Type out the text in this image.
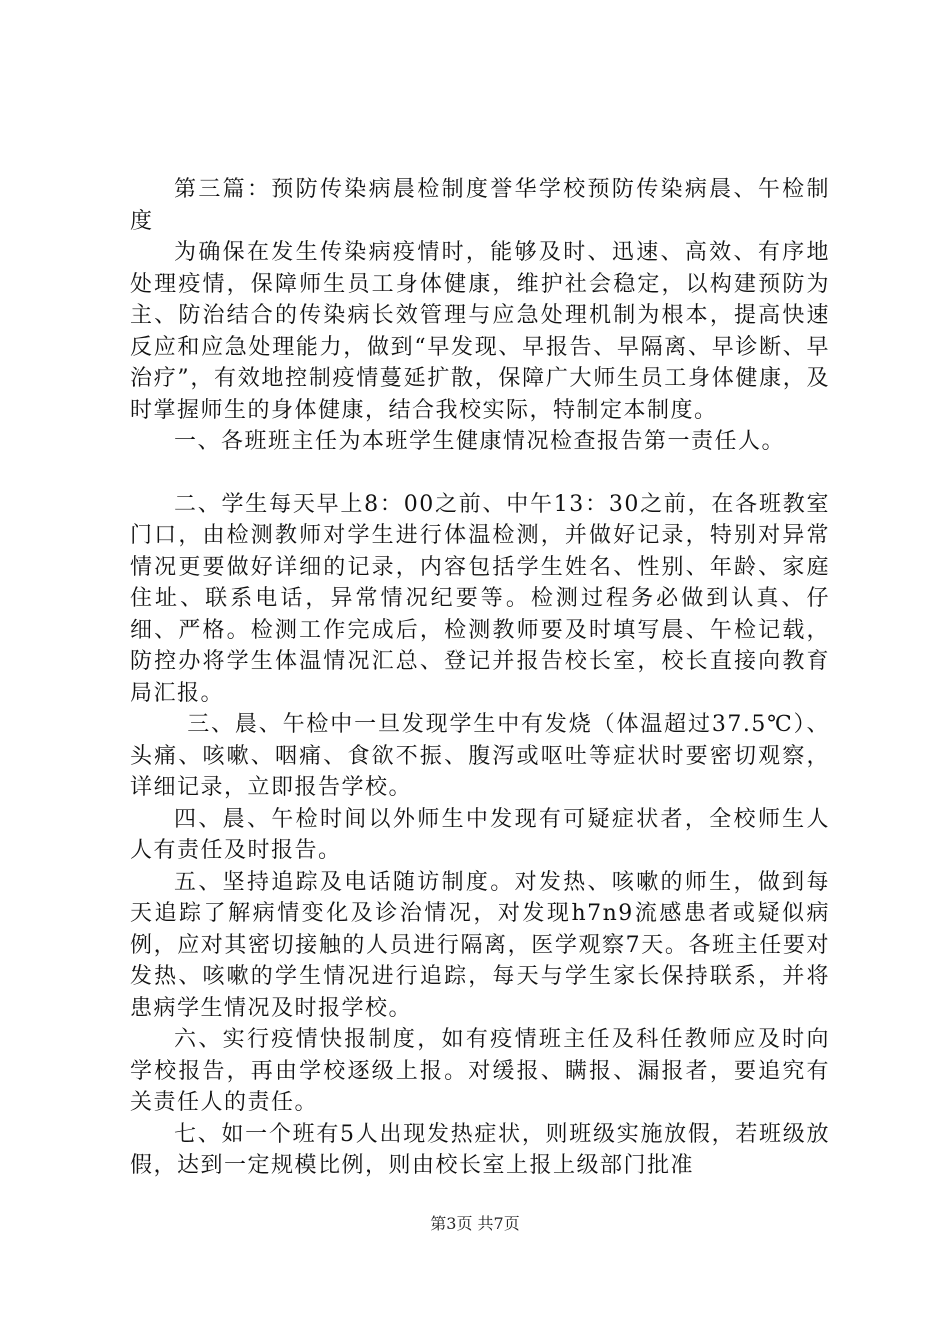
第三篇：预防传染病晨检制度誉华学校预防传染病晨、午检制度

为确保在发生传染病疫情时，能够及时、迅速、高效、有序地处理疫情，保障师生员工身体健康，维护社会稳定，以构建预防为主、防治结合的传染病长效管理与应急处理机制为根本，提高快速反应和应急处理能力，做到“早发现、早报告、早隔离、早诊断、早治疗”，有效地控制疫情蔓延扩散，保障广大师生员工身体健康，及时掌握师生的身体健康，结合我校实际，特制定本制度。

一、各班班主任为本班学生健康情况检查报告第一责任人。

二、学生每天早上8：00之前、中午13：30之前，在各班教室门口，由检测教师对学生进行体温检测，并做好记录，特别对异常情况更要做好详细的记录，内容包括学生姓名、性别、年龄、家庭住址、联系电话，异常情况纪要等。检测过程务必做到认真、仔细、严格。检测工作完成后，检测教师要及时填写晨、午检记载，防控办将学生体温情况汇总、登记并报告校长室，校长直接向教育局汇报。

三、晨、午检中一旦发现学生中有发烧（体温超过37.5℃）、头痛、咳嗽、咽痛、食欲不振、腹泻或呕吐等症状时要密切观察，详细记录，立即报告学校。

四、晨、午检时间以外师生中发现有可疑症状者，全校师生人人有责任及时报告。

五、坚持追踪及电话随访制度。对发热、咳嗽的师生，做到每天追踪了解病情变化及诊治情况，对发现h7n9流感患者或疑似病例，应对其密切接触的人员进行隔离，医学观察7天。各班主任要对发热、咳嗽的学生情况进行追踪，每天与学生家长保持联系，并将患病学生情况及时报学校。

六、实行疫情快报制度，如有疫情班主任及科任教师应及时向学校报告，再由学校逐级上报。对缓报、瞒报、漏报者，要追究有关责任人的责任。

七、如一个班有5人出现发热症状，则班级实施放假，若班级放假，达到一定规模比例，则由校长室上报上级部门批准

第3页 共7页
